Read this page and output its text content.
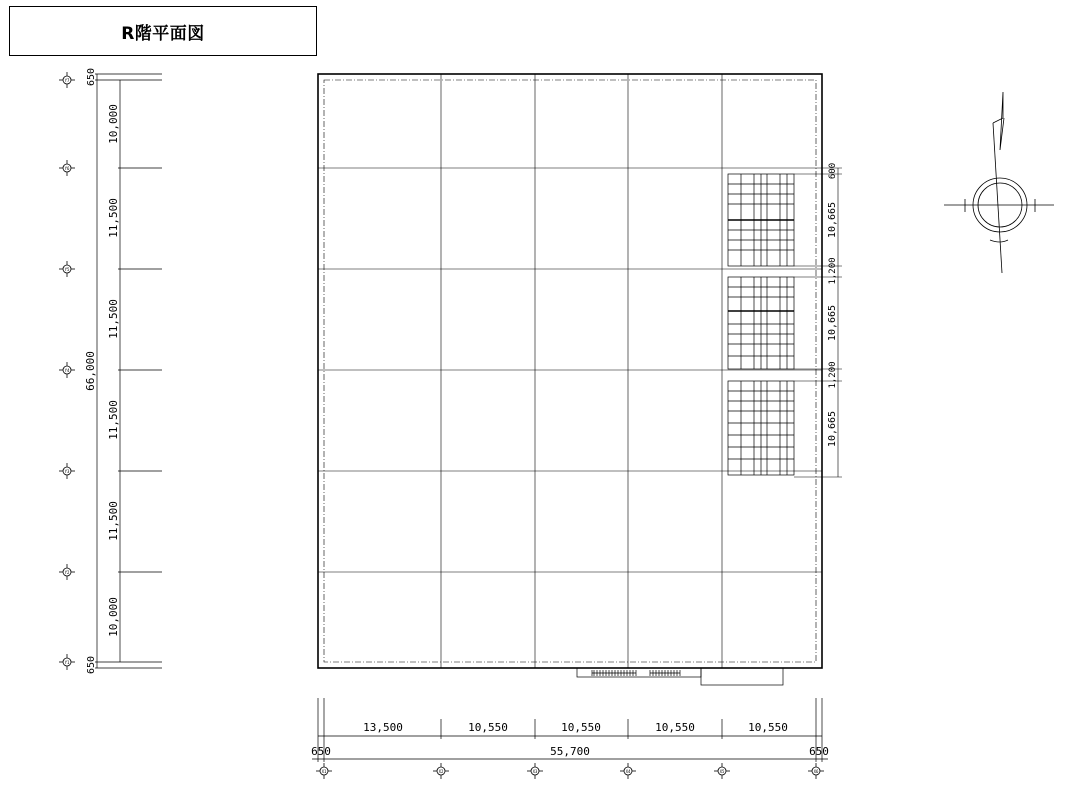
R階平面図
600
10,665
1,200
10,665
1,200
10,665
650
650
66,000
10,000
11,500
11,500
11,500
11,500
10,000
Y7
Y6
Y5
Y4
Y3
Y2
Y1
13,500	10,550	10,550	10,550	10,550
55,700
650	650
X1	X2	X3	X4	X5	X6
